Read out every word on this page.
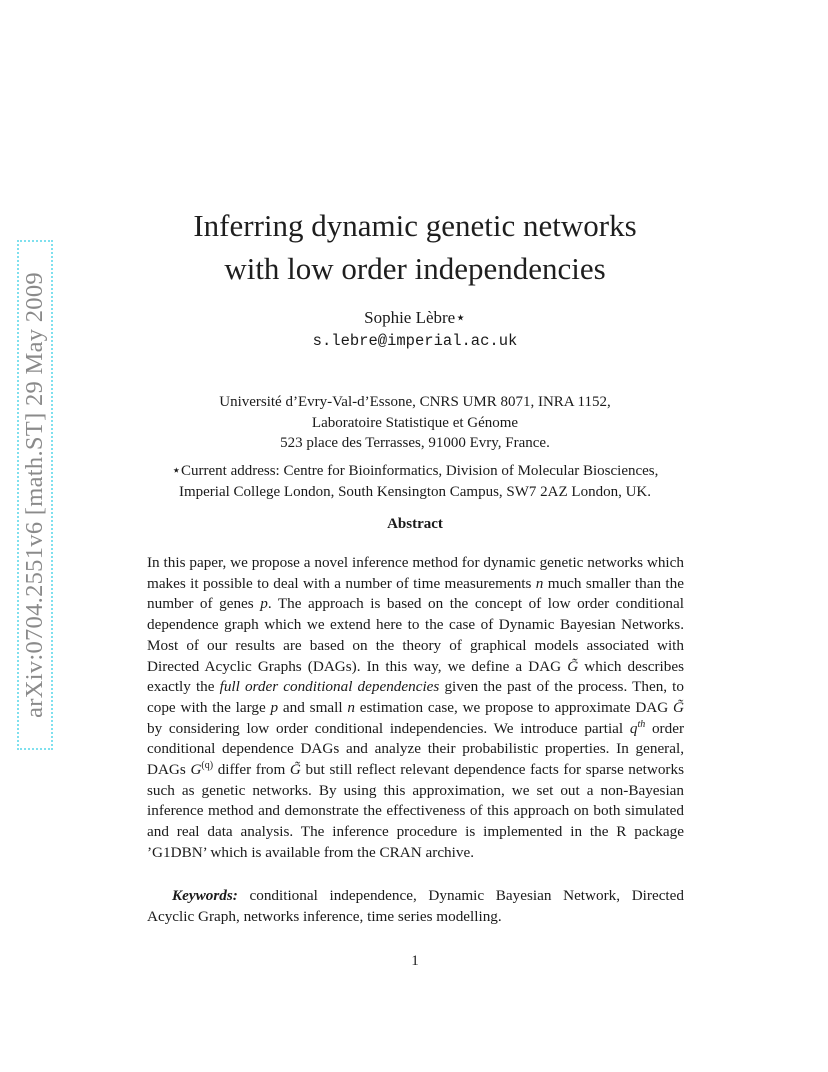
arXiv:0704.2551v6 [math.ST] 29 May 2009
Inferring dynamic genetic networks
with low order independencies
Sophie Lèbre⋆
s.lebre@imperial.ac.uk
Université d’Evry-Val-d’Essone, CNRS UMR 8071, INRA 1152,
Laboratoire Statistique et Génome
523 place des Terrasses, 91000 Evry, France.
⋆Current address: Centre for Bioinformatics, Division of Molecular Biosciences,
Imperial College London, South Kensington Campus, SW7 2AZ London, UK.
Abstract

In this paper, we propose a novel inference method for dynamic genetic networks which makes it possible to deal with a number of time measurements n much smaller than the number of genes p. The approach is based on the concept of low order conditional dependence graph which we extend here to the case of Dynamic Bayesian Networks. Most of our results are based on the theory of graphical models associated with Directed Acyclic Graphs (DAGs). In this way, we define a DAG G̃ which describes exactly the full order conditional dependencies given the past of the process. Then, to cope with the large p and small n estimation case, we propose to approximate DAG G̃ by considering low order conditional independencies. We introduce partial $q^{th}$ order conditional dependence DAGs and analyze their probabilistic properties. In general, DAGs $G^{(q)}$ differ from G̃ but still reflect relevant dependence facts for sparse networks such as genetic networks. By using this approximation, we set out a non-Bayesian inference method and demonstrate the effectiveness of this approach on both simulated and real data analysis. The inference procedure is implemented in the R package ’G1DBN’ which is available from the CRAN archive.

Keywords: conditional independence, Dynamic Bayesian Network, Directed Acyclic Graph, networks inference, time series modelling.

1
